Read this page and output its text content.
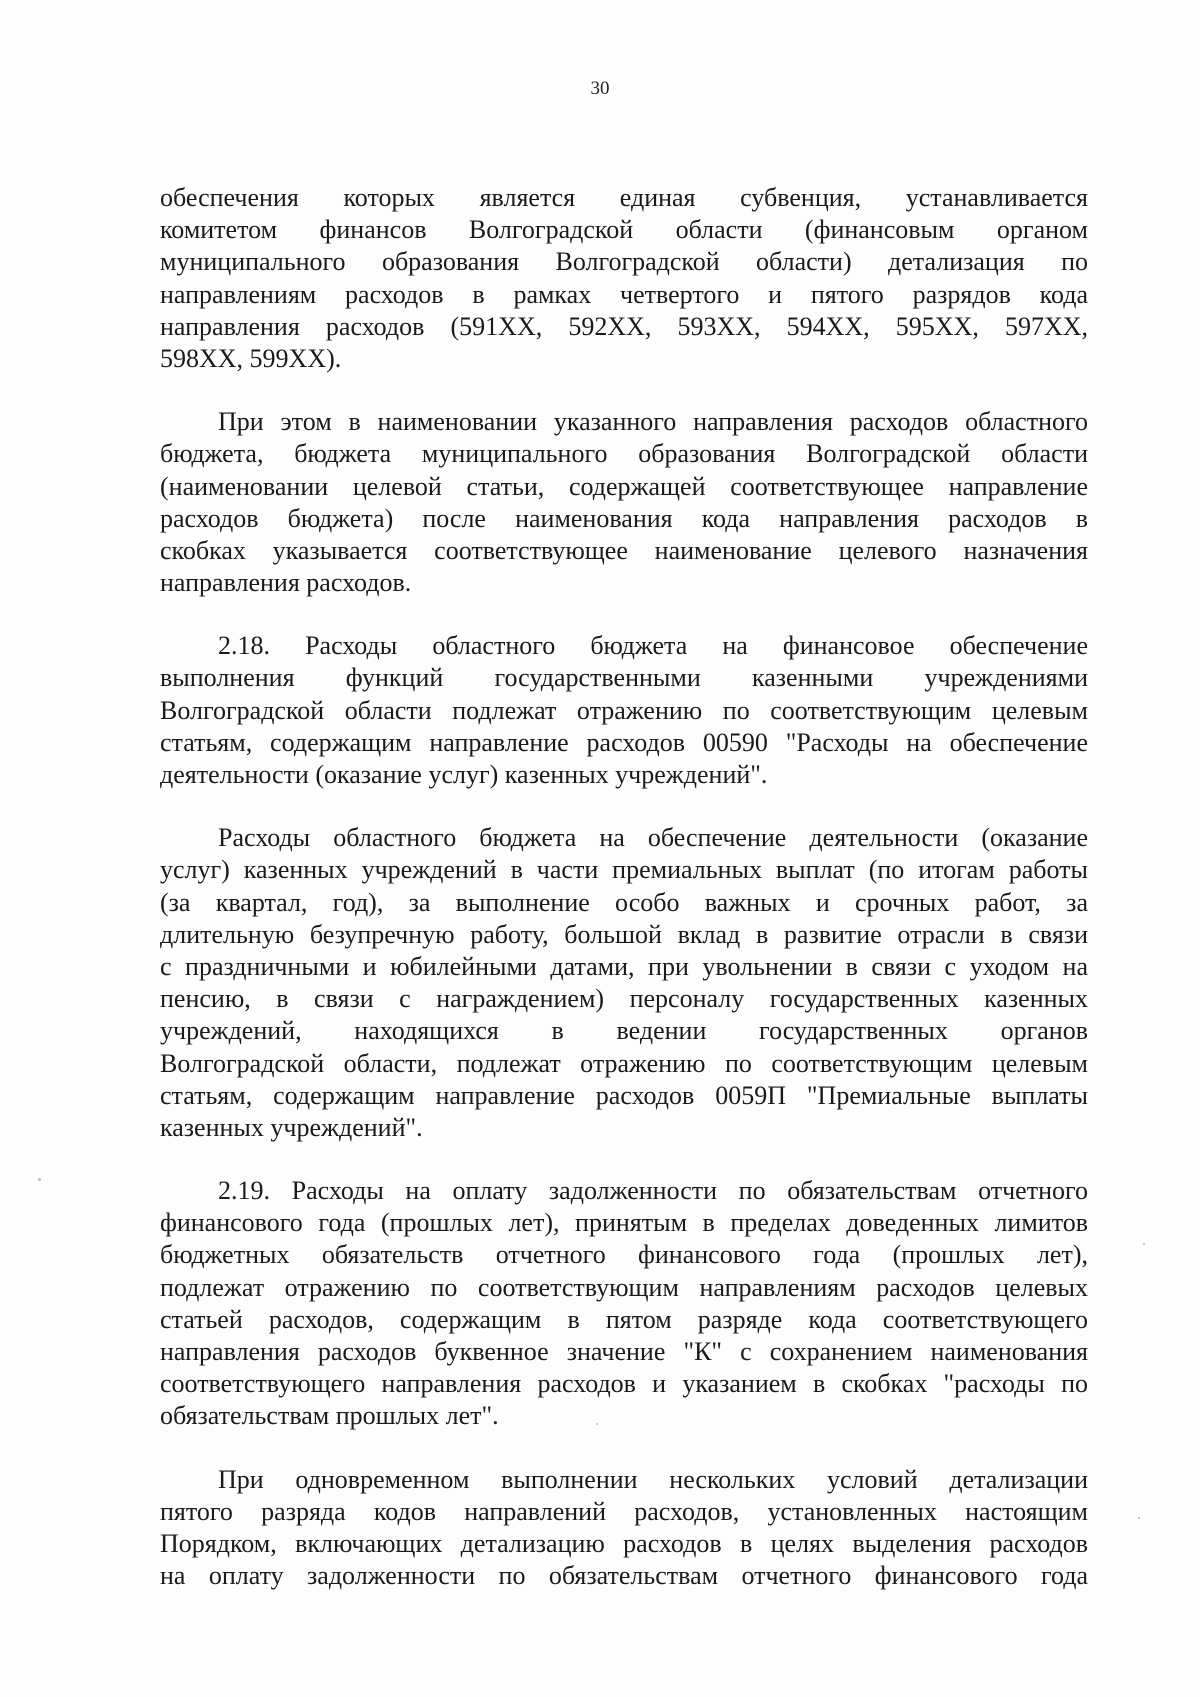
30
обеспечения которых является единая субвенция, устанавливается
комитетом финансов Волгоградской области (финансовым органом
муниципального образования Волгоградской области) детализация по
направлениям расходов в рамках четвертого и пятого разрядов кода
направления расходов (591XX, 592XX, 593XX, 594XX, 595XX, 597XX,
598XX, 599XX).
При этом в наименовании указанного направления расходов областного
бюджета, бюджета муниципального образования Волгоградской области
(наименовании целевой статьи, содержащей соответствующее направление
расходов бюджета) после наименования кода направления расходов в
скобках указывается соответствующее наименование целевого назначения
направления расходов.
2.18. Расходы областного бюджета на финансовое обеспечение
выполнения функций государственными казенными учреждениями
Волгоградской области подлежат отражению по соответствующим целевым
статьям, содержащим направление расходов 00590 "Расходы на обеспечение
деятельности (оказание услуг) казенных учреждений".
Расходы областного бюджета на обеспечение деятельности (оказание
услуг) казенных учреждений в части премиальных выплат (по итогам работы
(за квартал, год), за выполнение особо важных и срочных работ, за
длительную безупречную работу, большой вклад в развитие отрасли в связи
с праздничными и юбилейными датами, при увольнении в связи с уходом на
пенсию, в связи с награждением) персоналу государственных казенных
учреждений, находящихся в ведении государственных органов
Волгоградской области, подлежат отражению по соответствующим целевым
статьям, содержащим направление расходов 0059П "Премиальные выплаты
казенных учреждений".
2.19. Расходы на оплату задолженности по обязательствам отчетного
финансового года (прошлых лет), принятым в пределах доведенных лимитов
бюджетных обязательств отчетного финансового года (прошлых лет),
подлежат отражению по соответствующим направлениям расходов целевых
статьей расходов, содержащим в пятом разряде кода соответствующего
направления расходов буквенное значение "К" с сохранением наименования
соответствующего направления расходов и указанием в скобках "расходы по
обязательствам прошлых лет".
При одновременном выполнении нескольких условий детализации
пятого разряда кодов направлений расходов, установленных настоящим
Порядком, включающих детализацию расходов в целях выделения расходов
на оплату задолженности по обязательствам отчетного финансового года
